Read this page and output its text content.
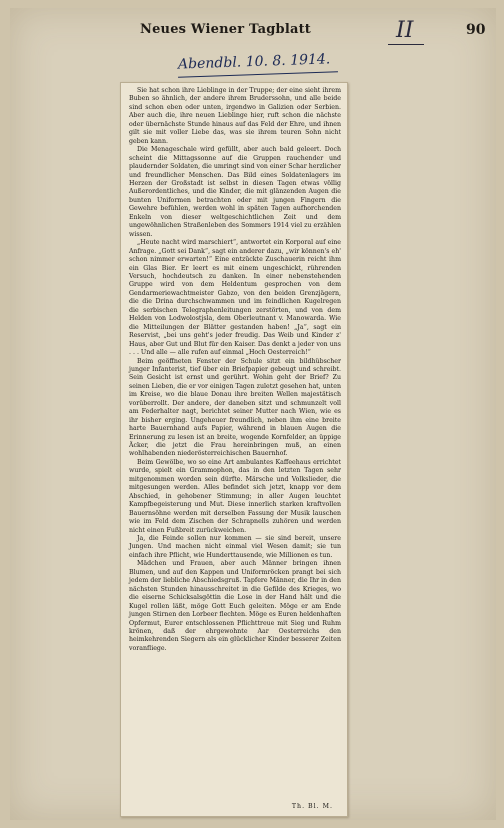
Neues Wiener Tagblatt	II	90
Abendbl. 10. 8. 1914.

Sie hat schon ihre Lieblinge in der Truppe; der eine sieht ihrem Buben so ähnlich, der andere ihrem Bruderssohn, und alle beide sind schon eben oder unten, irgendwo in Galizien oder Serbien. Aber auch die, ihre neuen Lieblinge hier, ruft schon die nächste oder übernächste Stunde hinaus auf das Feld der Ehre, und ihnen gilt sie mit voller Liebe das, was sie ihrem teuren Sohn nicht geben kann.

Die Menageschale wird gefüllt, aber auch bald geleert. Doch scheint die Mittagssonne auf die Gruppen rauchender und plaudernder Soldaten, die umringt sind von einer Schar herzlicher und freundlicher Menschen. Das Bild eines Soldatenlagers im Herzen der Großstadt ist selbst in diesen Tagen etwas völlig Außerordentliches, und die Kinder, die mit glänzenden Augen die bunten Uniformen betrachten oder mit jungen Fingern die Gewehre befühlen, werden wohl in späten Tagen aufhorchenden Enkeln von dieser weltgeschichtlichen Zeit und dem ungewöhnlichen Straßenleben des Sommers 1914 viel zu erzählen wissen.

„Heute nacht wird marschiert“, antwortet ein Korporal auf eine Anfrage. „Gott sei Dank“, sagt ein anderer dazu, „wir können's eh' schon nimmer erwarten!“ Eine entzückte Zuschauerin reicht ihm ein Glas Bier. Er leert es mit einem ungeschickt, rührenden Versuch, hochdeutsch zu danken. In einer nebenstehenden Gruppe wird von dem Heldentum gesprochen von dem Gendarmeriewachtmeister Gabzo, von den beiden Grenzjägern, die die Drina durchschwammen und im feindlichen Kugelregen die serbischen Telegraphenleitungen zerstörten, und von dem Helden von Lodwolostjsla, dem Oberleutnant v. Manowarda. Wie die Mitteilungen der Blätter gestanden haben! „Ja“, sagt ein Reservist, „bei uns geht's jeder freudig. Das Weib und Kinder z' Haus, aber Gut und Blut für den Kaiser. Das denkt a jeder von uns . . . Und alle — alle rufen auf einmal „Hoch Oesterreich!“

Beim geöffneten Fenster der Schule sitzt ein bildhübscher junger Infanterist, tief über ein Briefpapier gebeugt und schreibt. Sein Gesicht ist ernst und gerührt. Wohin geht der Brief? Zu seinen Lieben, die er vor einigen Tagen zuletzt gesehen hat, unten im Kreise, wo die blaue Donau ihre breiten Wellen majestätisch vorüberrollt. Der andere, der daneben sitzt und schmunzelt voll am Federhalter nagt, berichtet seiner Mutter nach Wien, wie es ihr bisher erging. Ungeheuer freundlich, neben ihm eine breite harte Bauernhand aufs Papier, während in blauen Augen die Erinnerung zu lesen ist an breite, wogende Kornfelder, an üppige Äcker, die jetzt die Frau hereinbringen muß, an einen wohlhabenden niederösterreichischen Bauernhof.

Beim Gewölbe, wo so eine Art ambulantes Kaffeehaus errichtet wurde, spielt ein Grammophon, das in den letzten Tagen sehr mitgenommen worden sein dürfte. Märsche und Volkslieder, die mitgesungen werden. Alles befindet sich jetzt, knapp vor dem Abschied, in gehobener Stimmung; in aller Augen leuchtet Kampfbegeisterung und Mut. Diese innerlich starken kraftvollen Bauernsöhne werden mit derselben Fassung der Musik lauschen wie im Feld dem Zischen der Schrapnells zuhören und werden nicht einen Fußbreit zurückweichen.

Ja, die Feinde sollen nur kommen — sie sind bereit, unsere Jungen. Und machen nicht einmal viel Wesen damit; sie tun einfach ihre Pflicht, wie Hunderttausende, wie Millionen es tun.

Mädchen und Frauen, aber auch Männer bringen ihnen Blumen, und auf den Kappen und Uniformröcken prangt bei sich jedem der liebliche Abschiedsgruß. Tapfere Männer, die Ihr in den nächsten Stunden hinausschreitet in die Gefilde des Krieges, wo die eiserne Schicksalsgöttin die Lose in der Hand hält und die Kugel rollen läßt, möge Gott Euch geleiten. Möge er am Ende jungen Stirnen den Lorbeer flechten. Möge es Euren heldenhaften Opfermut, Eurer entschlossenen Pflichttreue mit Sieg und Ruhm krönen, daß der ehrgewohnte Aar Oesterreichs den heimkehrenden Siegern als ein glücklicher Kinder besserer Zeiten voranfliege.

Th. Bl. M.
